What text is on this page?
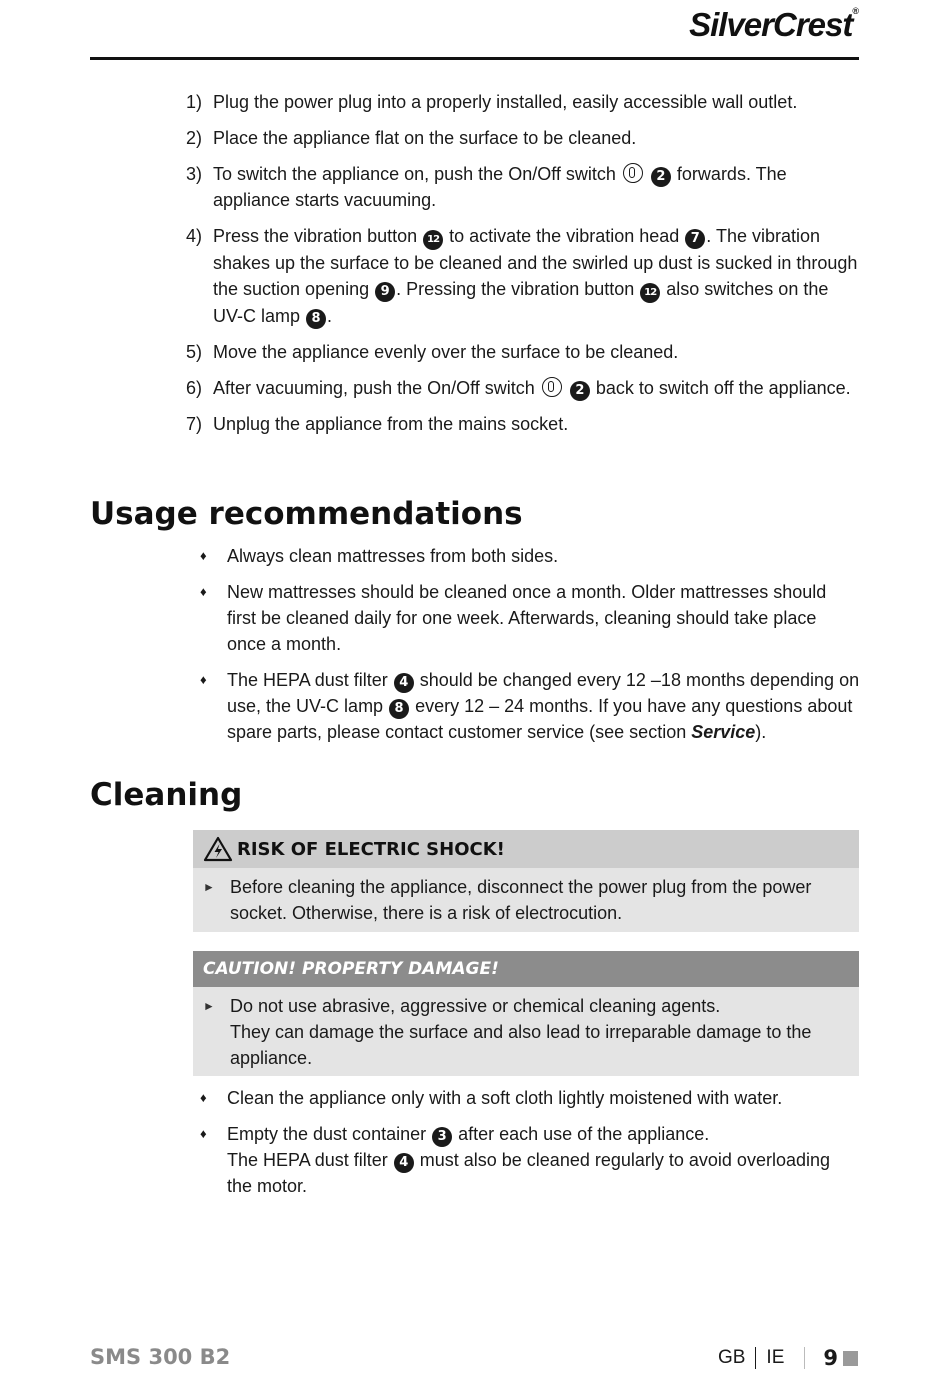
SilverCrest®
1) Plug the power plug into a properly installed, easily accessible wall outlet.
2) Place the appliance flat on the surface to be cleaned.
3) To switch the appliance on, push the On/Off switch	2 forwards. The appliance starts vacuuming.
4) Press the vibration button 12 to activate the vibration head 7 . The vibration shakes up the surface to be cleaned and the swirled up dust is sucked in through the suction opening 9 . Pressing the vibration button 12 also switches on the UV-C lamp 8 .
5) Move the appliance evenly over the surface to be cleaned.
6) After vacuuming, push the On/Off switch	2 back to switch off the appliance.
7) Unplug the appliance from the mains socket.
Usage recommendations
♦	Always clean mattresses from both sides.
♦	New mattresses should be cleaned once a month. Older mattresses should first be cleaned daily for one week. Afterwards, cleaning should take place once a month.
♦	The HEPA dust filter 4 should be changed every 12 –18 months depending on use, the UV-C lamp 8 every 12 – 24 months. If you have any questions about spare parts, please contact customer service (see section Service).
Cleaning
RISK OF ELECTRIC SHOCK!
► Before cleaning the appliance, disconnect the power plug from the power socket. Otherwise, there is a risk of electrocution.
CAUTION! PROPERTY DAMAGE!
► Do not use abrasive, aggressive or chemical cleaning agents.
They can damage the surface and also lead to irreparable damage to the appliance.
♦	Clean the appliance only with a soft cloth lightly moistened with water.
♦	Empty the dust container 3 after each use of the appliance.
The HEPA dust filter 4 must also be cleaned regularly to avoid overloading the motor.
SMS 300 B2	GB IE 9
